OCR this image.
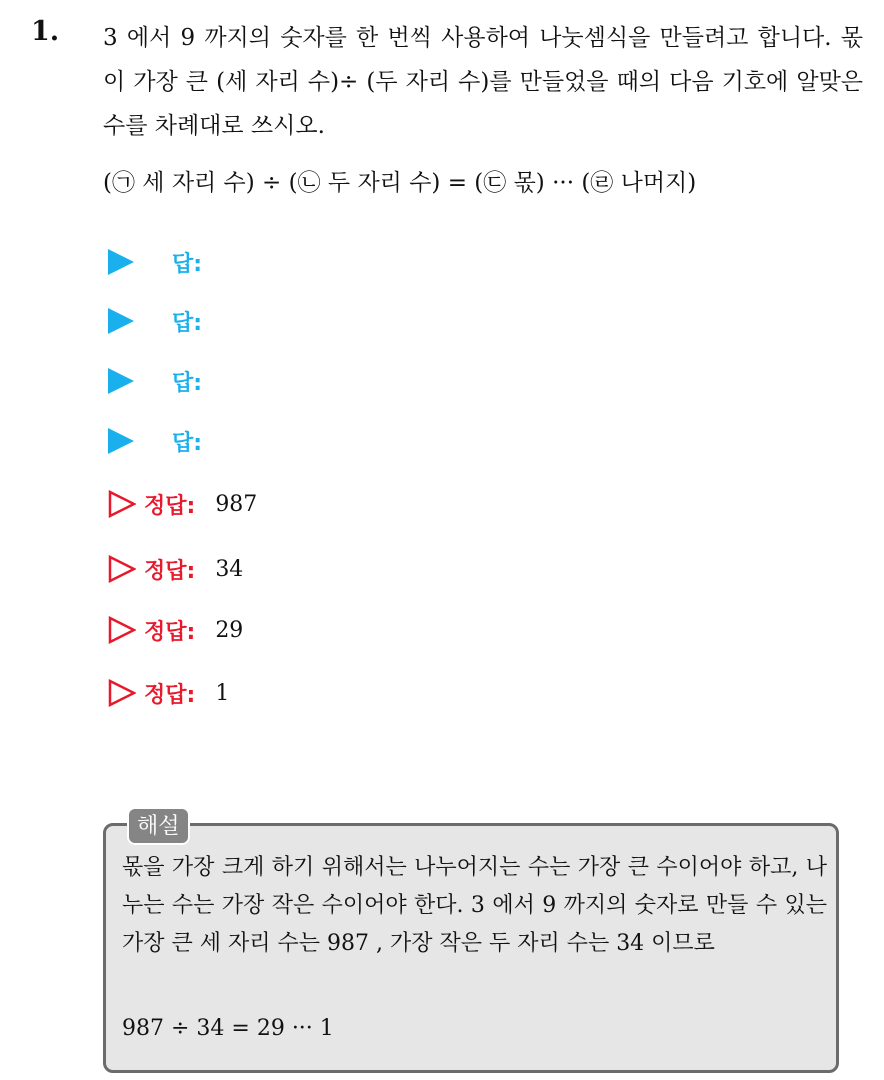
1. 3 에서 9 까지의 숫자를 한 번씩 사용하여 나눗셈식을 만들려고 합니다. 몫이 가장 큰 (세 자리 수)÷ (두 자리 수)를 만들었을 때의 다음 기호에 알맞은 수를 차례대로 쓰시오.
(㉠ 세 자리 수) ÷ (㉡ 두 자리 수) = (㉢ 몫) ··· (㉣ 나머지)
답:
답:
답:
답:
정답: 987
정답: 34
정답: 29
정답: 1
해설
몫을 가장 크게 하기 위해서는 나누어지는 수는 가장 큰 수이어야 하고, 나누는 수는 가장 작은 수이어야 한다. 3 에서 9 까지의 숫자로 만들 수 있는 가장 큰 세 자리 수는 987 , 가장 작은 두 자리 수는 34 이므로
987 ÷ 34 = 29 ··· 1
